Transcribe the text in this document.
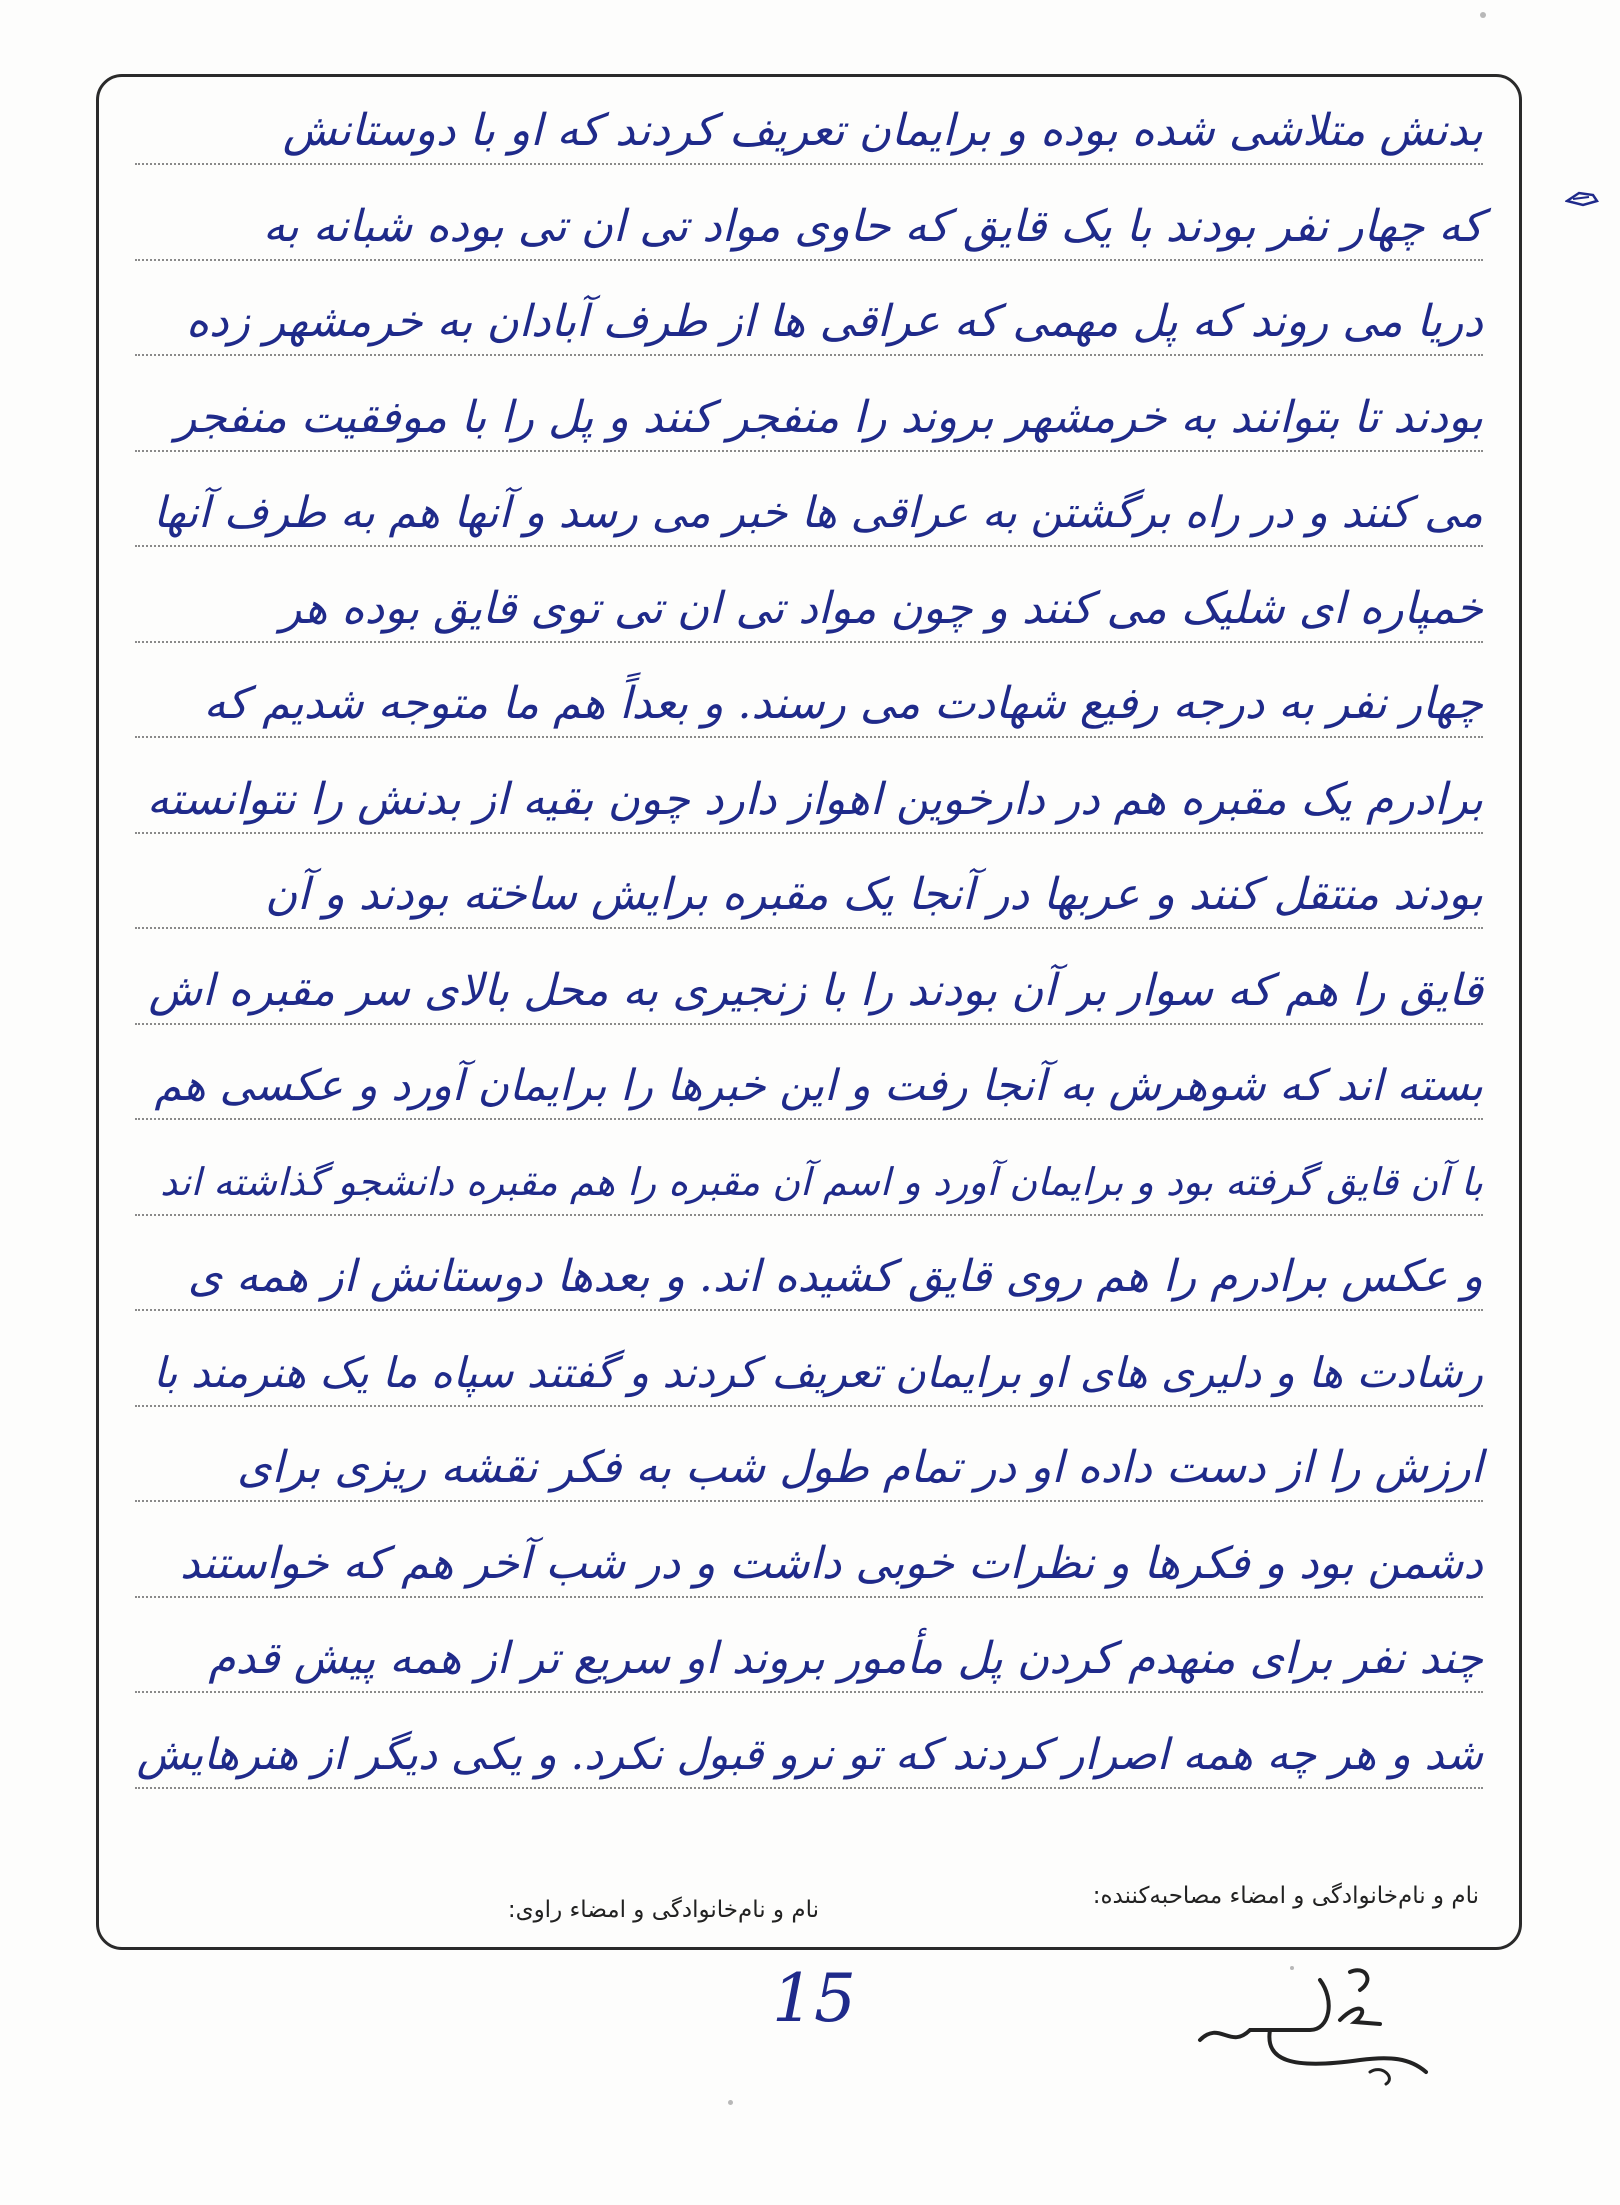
بدنش متلاشی شده بوده و برایمان تعریف کردند که او با دوستانش
که چهار نفر بودند با یک قایق که حاوی مواد تی ان تی بوده شبانه به
دریا می روند که پل مهمی که عراقی ها از طرف آبادان به خرمشهر زده
بودند تا بتوانند به خرمشهر بروند را منفجر کنند و پل را با موفقیت منفجر
می کنند و در راه برگشتن به عراقی ها خبر می رسد و آنها هم به طرف آنها
خمپاره ای شلیک می کنند و چون مواد تی ان تی توی قایق بوده هر
چهار نفر به درجه رفیع شهادت می رسند. و بعداً هم ما متوجه شدیم که
برادرم یک مقبره هم در دارخوین اهواز دارد چون بقیه از بدنش را نتوانسته
بودند منتقل کنند و عربها در آنجا یک مقبره برایش ساخته بودند و آن
قایق را هم که سوار بر آن بودند را با زنجیری به محل بالای سر مقبره اش
بسته اند که شوهرش به آنجا رفت و این خبرها را برایمان آورد و عکسی هم
با آن قایق گرفته بود و برایمان آورد و اسم آن مقبره را هم مقبره دانشجو گذاشته اند
و عکس برادرم را هم روی قایق کشیده اند. و بعدها دوستانش از همه ی
رشادت ها و دلیری های او برایمان تعریف کردند و گفتند سپاه ما یک هنرمند با
ارزش را از دست داده او در تمام طول شب به فکر نقشه ریزی برای
دشمن بود و فکرها و نظرات خوبی داشت و در شب آخر هم که خواستند
چند نفر برای منهدم کردن پل مأمور بروند او سریع تر از همه پیش قدم
شد و هر چه همه اصرار کردند که تو نرو قبول نکرد. و یکی دیگر از هنرهایش
نام و نام‌خانوادگی و امضاء مصاحبه‌کننده:
نام و نام‌خانوادگی و امضاء راوی:
15
